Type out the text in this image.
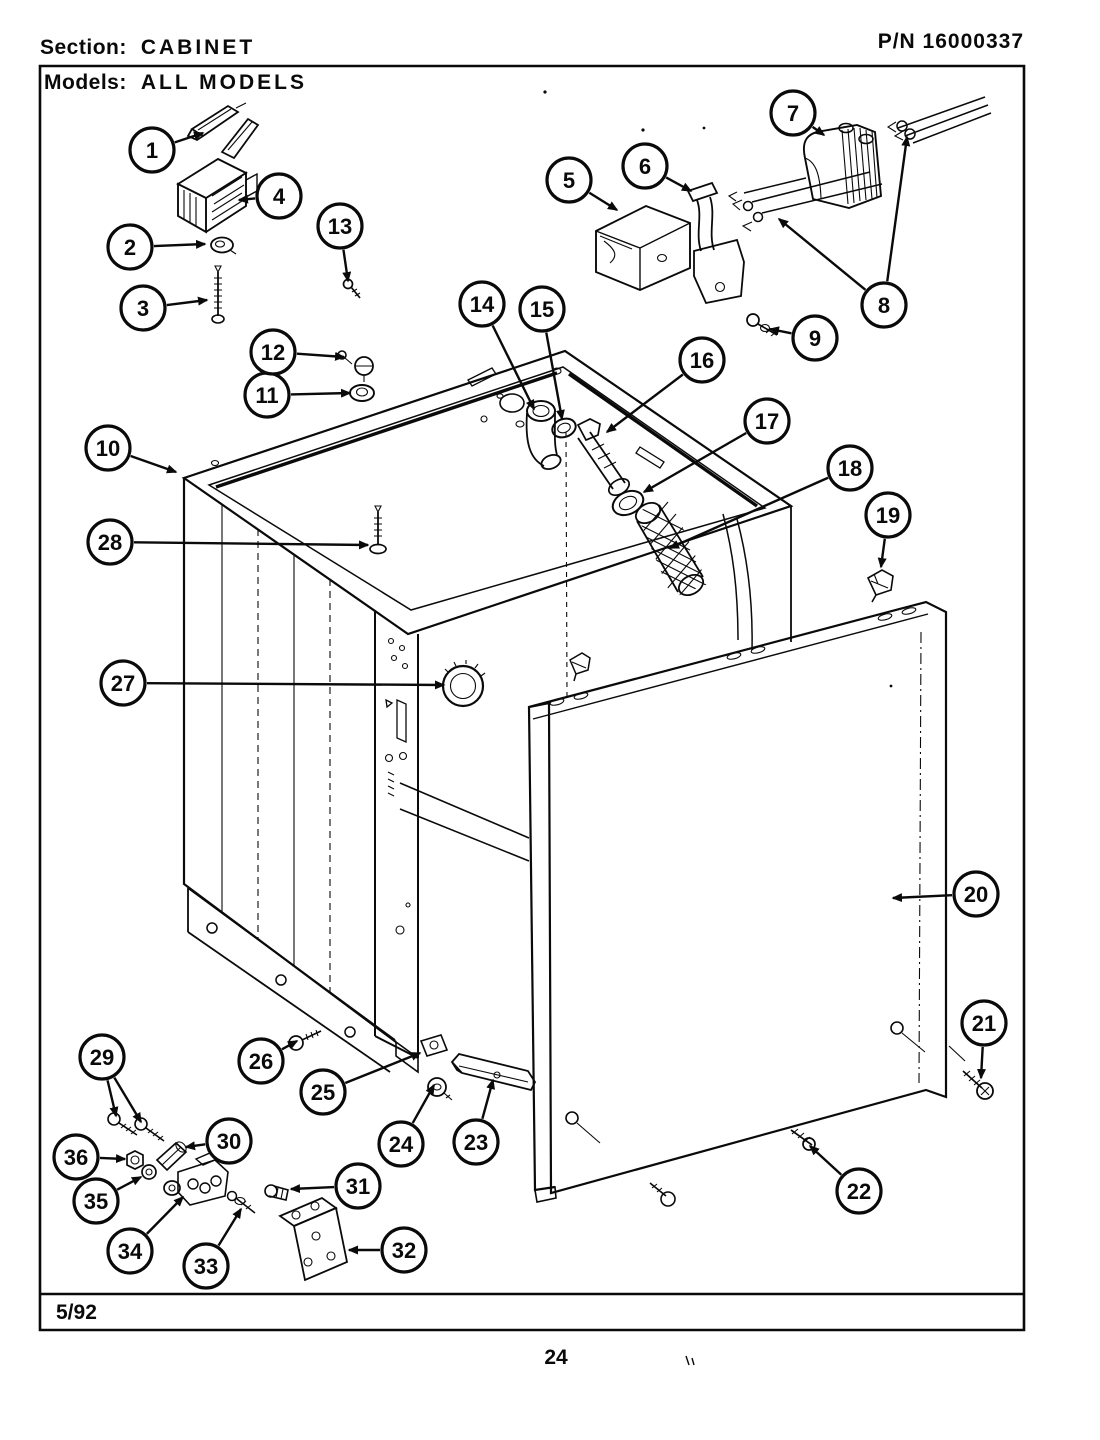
Section: CABINET	P/N 16000337
Models: ALL MODELS
5/92
24
1
2
3
4
5
6
7
8
9
10
11
12
13
14 15
16
17
18
19
20
21
22
23
24
25
26
27
28
29
30
31
32
33
34
35
36
